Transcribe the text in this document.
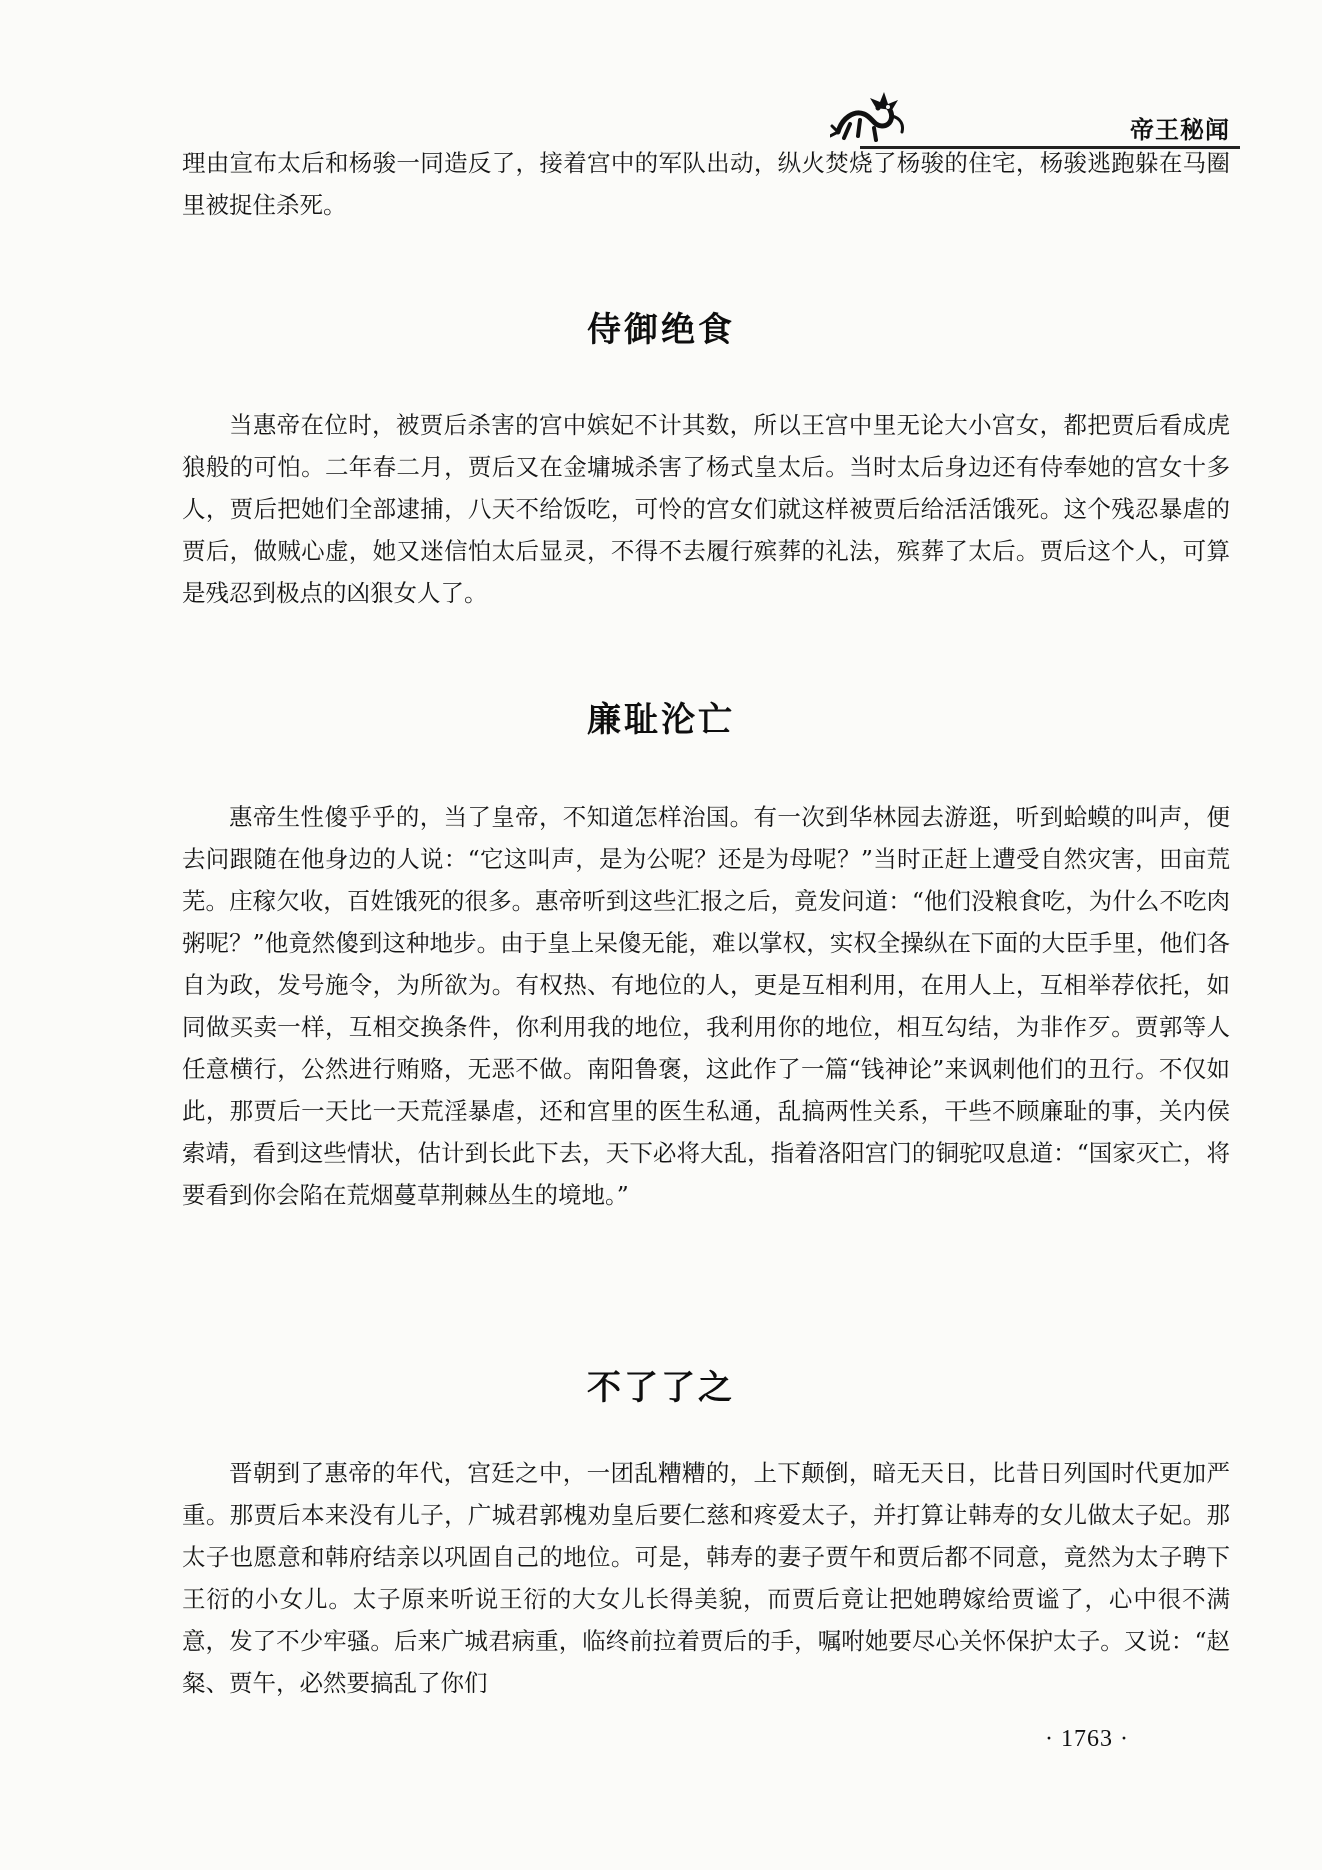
帝王秘闻

理由宣布太后和杨骏一同造反了，接着宫中的军队出动，纵火焚烧了杨骏的住宅，杨骏逃跑躲在马圈里被捉住杀死。

侍御绝食

当惠帝在位时，被贾后杀害的宫中嫔妃不计其数，所以王宫中里无论大小宫女，都把贾后看成虎狼般的可怕。二年春二月，贾后又在金墉城杀害了杨式皇太后。当时太后身边还有侍奉她的宫女十多人，贾后把她们全部逮捕，八天不给饭吃，可怜的宫女们就这样被贾后给活活饿死。这个残忍暴虐的贾后，做贼心虚，她又迷信怕太后显灵，不得不去履行殡葬的礼法，殡葬了太后。贾后这个人，可算是残忍到极点的凶狠女人了。

廉耻沦亡

惠帝生性傻乎乎的，当了皇帝，不知道怎样治国。有一次到华林园去游逛，听到蛤蟆的叫声，便去问跟随在他身边的人说：“它这叫声，是为公呢？还是为母呢？”当时正赶上遭受自然灾害，田亩荒芜。庄稼欠收，百姓饿死的很多。惠帝听到这些汇报之后，竟发问道：“他们没粮食吃，为什么不吃肉粥呢？”他竟然傻到这种地步。由于皇上呆傻无能，难以掌权，实权全操纵在下面的大臣手里，他们各自为政，发号施令，为所欲为。有权热、有地位的人，更是互相利用，在用人上，互相举荐依托，如同做买卖一样，互相交换条件，你利用我的地位，我利用你的地位，相互勾结，为非作歹。贾郭等人任意横行，公然进行贿赂，无恶不做。南阳鲁褒，这此作了一篇“钱神论”来讽刺他们的丑行。不仅如此，那贾后一天比一天荒淫暴虐，还和宫里的医生私通，乱搞两性关系，干些不顾廉耻的事，关内侯索靖，看到这些情状，估计到长此下去，天下必将大乱，指着洛阳宫门的铜驼叹息道：“国家灭亡，将要看到你会陷在荒烟蔓草荆棘丛生的境地。”

不了了之

晋朝到了惠帝的年代，宫廷之中，一团乱糟糟的，上下颠倒，暗无天日，比昔日列国时代更加严重。那贾后本来没有儿子，广城君郭槐劝皇后要仁慈和疼爱太子，并打算让韩寿的女儿做太子妃。那太子也愿意和韩府结亲以巩固自己的地位。可是，韩寿的妻子贾午和贾后都不同意，竟然为太子聘下王衍的小女儿。太子原来听说王衍的大女儿长得美貌，而贾后竟让把她聘嫁给贾谧了，心中很不满意，发了不少牢骚。后来广城君病重，临终前拉着贾后的手，嘱咐她要尽心关怀保护太子。又说：“赵粲、贾午，必然要搞乱了你们

· 1763 ·
